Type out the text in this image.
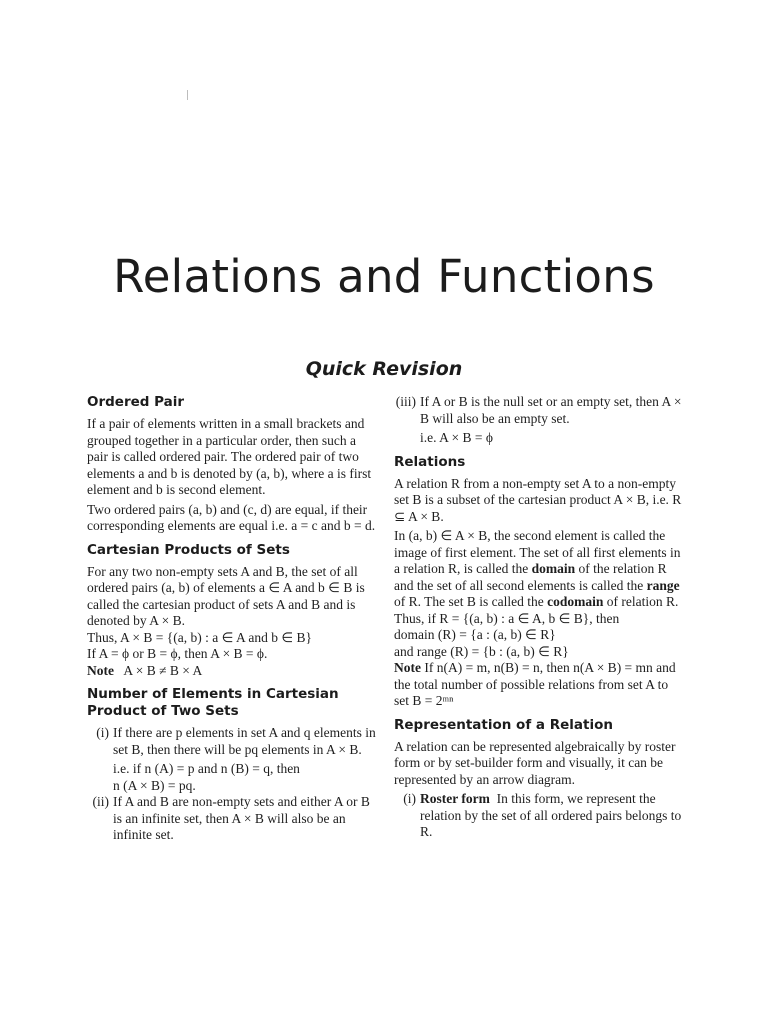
Relations and Functions
Quick Revision
Ordered Pair

If a pair of elements written in a small brackets and grouped together in a particular order, then such a pair is called ordered pair. The ordered pair of two elements a and b is denoted by (a, b), where a is first element and b is second element.

Two ordered pairs (a, b) and (c, d) are equal, if their corresponding elements are equal i.e. a = c and b = d.

Cartesian Products of Sets

For any two non-empty sets A and B, the set of all ordered pairs (a, b) of elements a ∈ A and b ∈ B is called the cartesian product of sets A and B and is denoted by A × B.

Thus, A × B = {(a, b) : a ∈ A and b ∈ B}

If A = ϕ or B = ϕ, then A × B = ϕ.

Note A × B ≠ B × A

Number of Elements in Cartesian Product of Two Sets
(i) If there are p elements in set A and q elements in set B, then there will be pq elements in A × B.

i.e. if n (A) = p and n (B) = q, then

n (A × B) = pq.

(ii) If A and B are non-empty sets and either A or B is an infinite set, then A × B will also be an infinite set.
(iii) If A or B is the null set or an empty set, then A × B will also be an empty set.

i.e. A × B = ϕ

Relations

A relation R from a non-empty set A to a non-empty set B is a subset of the cartesian product A × B, i.e. R ⊆ A × B.

In (a, b) ∈ A × B, the second element is called the image of first element. The set of all first elements in a relation R, is called the domain of the relation R and the set of all second elements is called the range of R. The set B is called the codomain of relation R.

Thus, if R = {(a, b) : a ∈ A, b ∈ B}, then

domain (R) = {a : (a, b) ∈ R}

and range (R) = {b : (a, b) ∈ R}

Note If n(A) = m, n(B) = n, then n(A × B) = mn and the total number of possible relations from set A to set B = 2ᵐⁿ

Representation of a Relation

A relation can be represented algebraically by roster form or by set-builder form and visually, it can be represented by an arrow diagram.

(i) Roster form In this form, we represent the relation by the set of all ordered pairs belongs to R.
